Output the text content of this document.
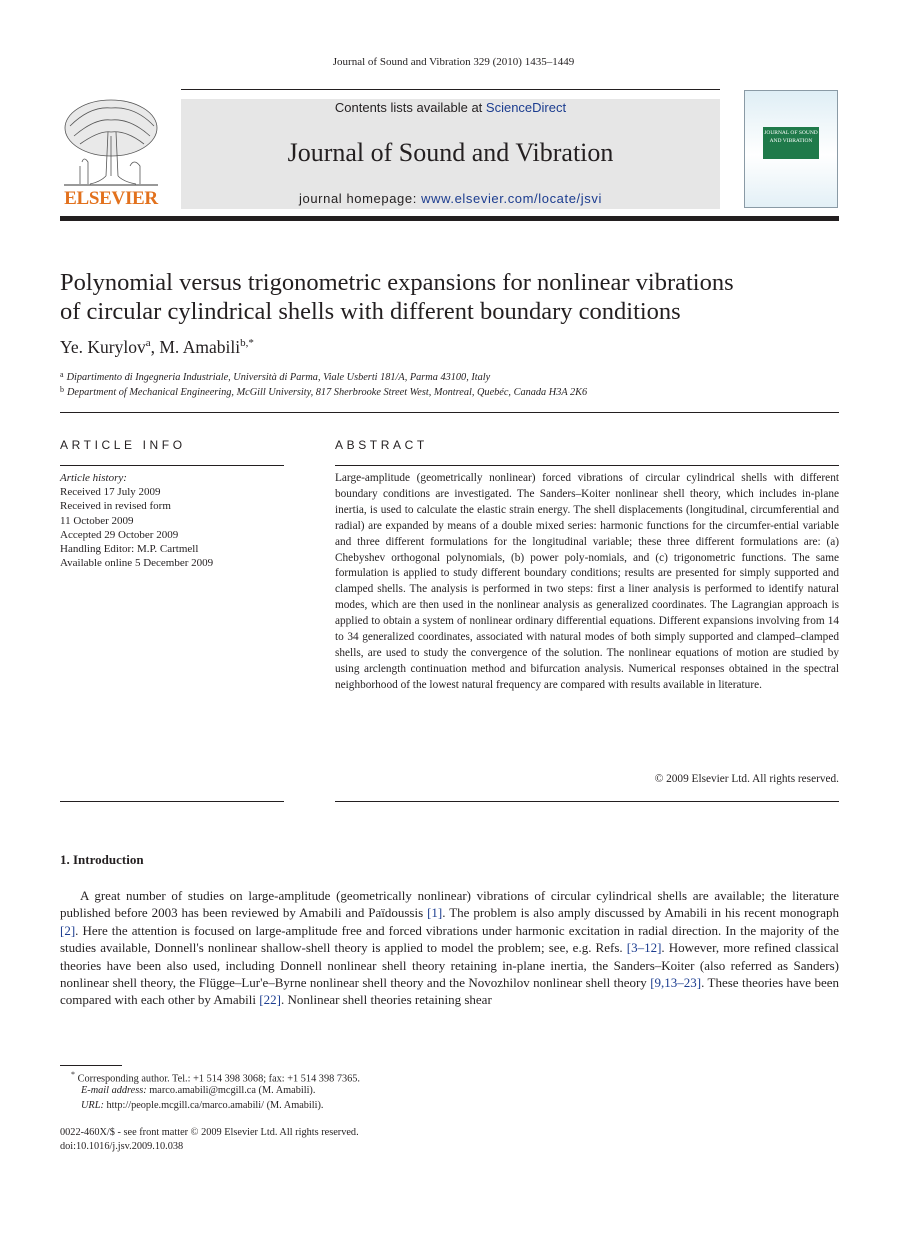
Journal of Sound and Vibration 329 (2010) 1435–1449
ELSEVIER
Contents lists available at ScienceDirect
Journal of Sound and Vibration
journal homepage: www.elsevier.com/locate/jsvi
JOURNAL OF SOUND AND VIBRATION
Polynomial versus trigonometric expansions for nonlinear vibrations
of circular cylindrical shells with different boundary conditions
Ye. Kurylov$^a$, M. Amabili$^{b,*}$
$^a$ Dipartimento di Ingegneria Industriale, Università di Parma, Viale Usberti 181/A, Parma 43100, Italy
$^b$ Department of Mechanical Engineering, McGill University, 817 Sherbrooke Street West, Montreal, Quebéc, Canada H3A 2K6
ARTICLE INFO
Article history:
Received 17 July 2009
Received in revised form
11 October 2009
Accepted 29 October 2009
Handling Editor: M.P. Cartmell
Available online 5 December 2009
ABSTRACT
Large-amplitude (geometrically nonlinear) forced vibrations of circular cylindrical shells with different boundary conditions are investigated. The Sanders–Koiter nonlinear shell theory, which includes in-plane inertia, is used to calculate the elastic strain energy. The shell displacements (longitudinal, circumferential and radial) are expanded by means of a double mixed series: harmonic functions for the circumfer-ential variable and three different formulations for the longitudinal variable; these three different formulations are: (a) Chebyshev orthogonal polynomials, (b) power poly-nomials, and (c) trigonometric functions. The same formulation is applied to study different boundary conditions; results are presented for simply supported and clamped shells. The analysis is performed in two steps: first a liner analysis is performed to identify natural modes, which are then used in the nonlinear analysis as generalized coordinates. The Lagrangian approach is applied to obtain a system of nonlinear ordinary differential equations. Different expansions involving from 14 to 34 generalized coordinates, associated with natural modes of both simply supported and clamped–clamped shells, are used to study the convergence of the solution. The nonlinear equations of motion are studied by using arclength continuation method and bifurcation analysis. Numerical responses obtained in the spectral neighborhood of the lowest natural frequency are compared with results available in literature.
© 2009 Elsevier Ltd. All rights reserved.
1. Introduction
A great number of studies on large-amplitude (geometrically nonlinear) vibrations of circular cylindrical shells are available; the literature published before 2003 has been reviewed by Amabili and Païdoussis [1]. The problem is also amply discussed by Amabili in his recent monograph [2]. Here the attention is focused on large-amplitude free and forced vibrations under harmonic excitation in radial direction. In the majority of the studies available, Donnell's nonlinear shallow-shell theory is applied to model the problem; see, e.g. Refs. [3–12]. However, more refined classical theories have been also used, including Donnell nonlinear shell theory retaining in-plane inertia, the Sanders–Koiter (also referred as Sanders) nonlinear shell theory, the Flügge–Lur'e–Byrne nonlinear shell theory and the Novozhilov nonlinear shell theory [9,13–23]. These theories have been compared with each other by Amabili [22]. Nonlinear shell theories retaining shear
* Corresponding author. Tel.: +1 514 398 3068; fax: +1 514 398 7365.
E-mail address: marco.amabili@mcgill.ca (M. Amabili).
URL: http://people.mcgill.ca/marco.amabili/ (M. Amabili).
0022-460X/$ - see front matter © 2009 Elsevier Ltd. All rights reserved.
doi:10.1016/j.jsv.2009.10.038
